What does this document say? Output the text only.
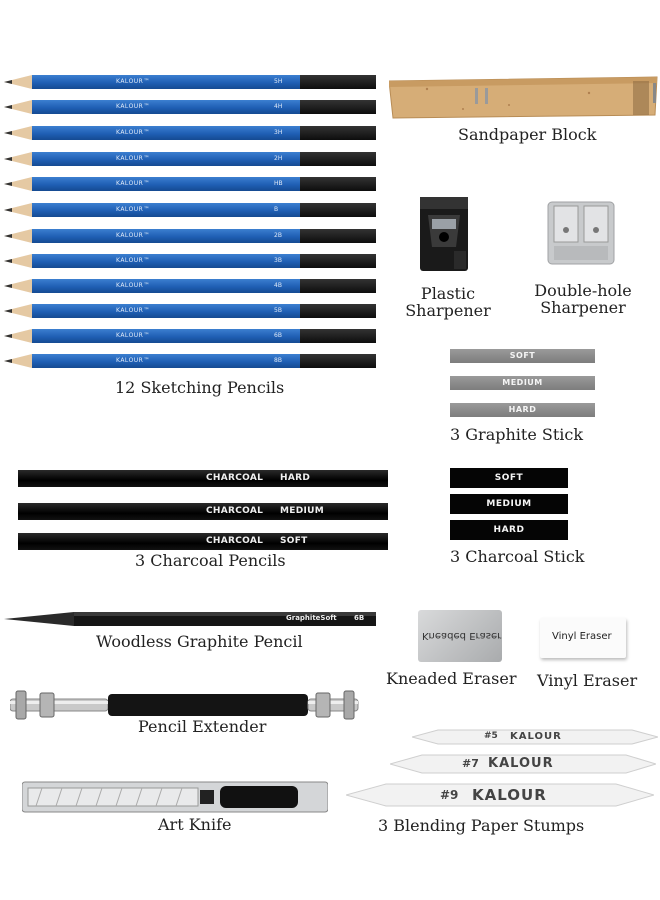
KALOUR™	5H
KALOUR™	4H
KALOUR™	3H
KALOUR™	2H
KALOUR™	HB
KALOUR™	B
KALOUR™	2B
KALOUR™	3B
KALOUR™	4B
KALOUR™	5B
KALOUR™	6B
KALOUR™	8B
12 Sketching Pencils
Sandpaper Block
Plastic
Sharpener
Double-hole
Sharpener
SOFT
MEDIUM
HARD
3 Graphite Stick
CHARCOAL HARD
CHARCOAL MEDIUM
CHARCOAL SOFT
3 Charcoal Pencils
SOFT
MEDIUM
HARD
3 Charcoal Stick
GraphiteSoft 6B
Woodless Graphite Pencil	Kneaded Eraser	Vinyl Eraser
Kneaded Eraser Vinyl Eraser
Pencil Extender	#5 KALOUR
#7 KALOUR
#9 KALOUR
3 Blending Paper Stumps
Art Knife
